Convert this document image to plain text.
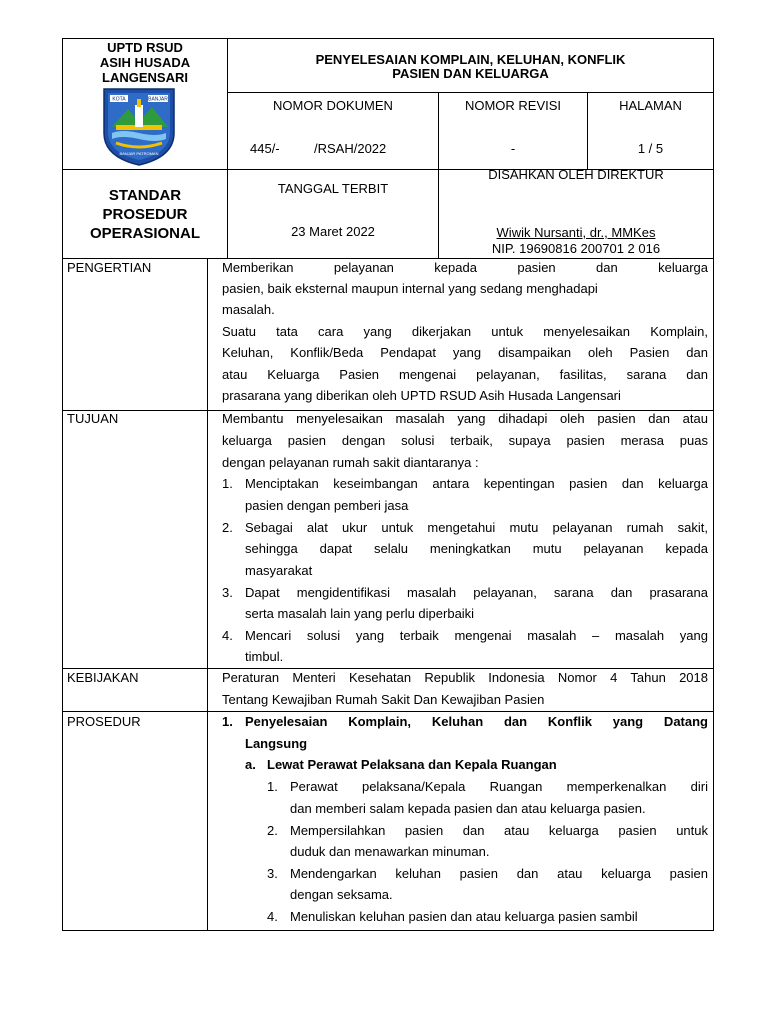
UPTD RSUD
ASIH HUSADA
LANGENSARI
KOTA	BANJAR
BANJAR PATROMAN
PENYELESAIAN KOMPLAIN, KELUHAN, KONFLIK
PASIEN DAN KELUARGA
NOMOR DOKUMEN	NOMOR REVISI	HALAMAN
445/-	/RSAH/2022	-	1 / 5
STANDAR
PROSEDUR
OPERASIONAL
TANGGAL TERBIT
23 Maret 2022
DISAHKAN OLEH DIREKTUR
Wiwik Nursanti, dr., MMKes
NIP. 19690816 200701 2 016
PENGERTIAN	Memberikan pelayanan kepada pasien dan keluarga
pasien, baik eksternal maupun internal yang sedang menghadapi
masalah.
Suatu tata cara yang dikerjakan untuk menyelesaikan Komplain,
Keluhan, Konflik/Beda Pendapat yang disampaikan oleh Pasien dan
atau Keluarga Pasien mengenai pelayanan, fasilitas, sarana dan
prasarana yang diberikan oleh UPTD RSUD Asih Husada Langensari
TUJUAN	Membantu menyelesaikan masalah yang dihadapi oleh pasien dan atau
keluarga pasien dengan solusi terbaik, supaya pasien merasa puas
dengan pelayanan rumah sakit diantaranya :
1. Menciptakan keseimbangan antara kepentingan pasien dan keluarga
pasien dengan pemberi jasa
2. Sebagai alat ukur untuk mengetahui mutu pelayanan rumah sakit,
sehingga dapat selalu meningkatkan mutu pelayanan kepada
masyarakat
3. Dapat mengidentifikasi masalah pelayanan, sarana dan prasarana
serta masalah lain yang perlu diperbaiki
4. Mencari solusi yang terbaik mengenai masalah – masalah yang
timbul.
KEBIJAKAN	Peraturan Menteri Kesehatan Republik Indonesia Nomor 4 Tahun 2018
Tentang Kewajiban Rumah Sakit Dan Kewajiban Pasien
PROSEDUR	1. Penyelesaian Komplain, Keluhan dan Konflik yang Datang
Langsung
a. Lewat Perawat Pelaksana dan Kepala Ruangan
1. Perawat pelaksana/Kepala Ruangan memperkenalkan diri
dan memberi salam kepada pasien dan atau keluarga pasien.
2. Mempersilahkan pasien dan atau keluarga pasien untuk
duduk dan menawarkan minuman.
3. Mendengarkan keluhan pasien dan atau keluarga pasien
dengan seksama.
4. Menuliskan keluhan pasien dan atau keluarga pasien sambil
